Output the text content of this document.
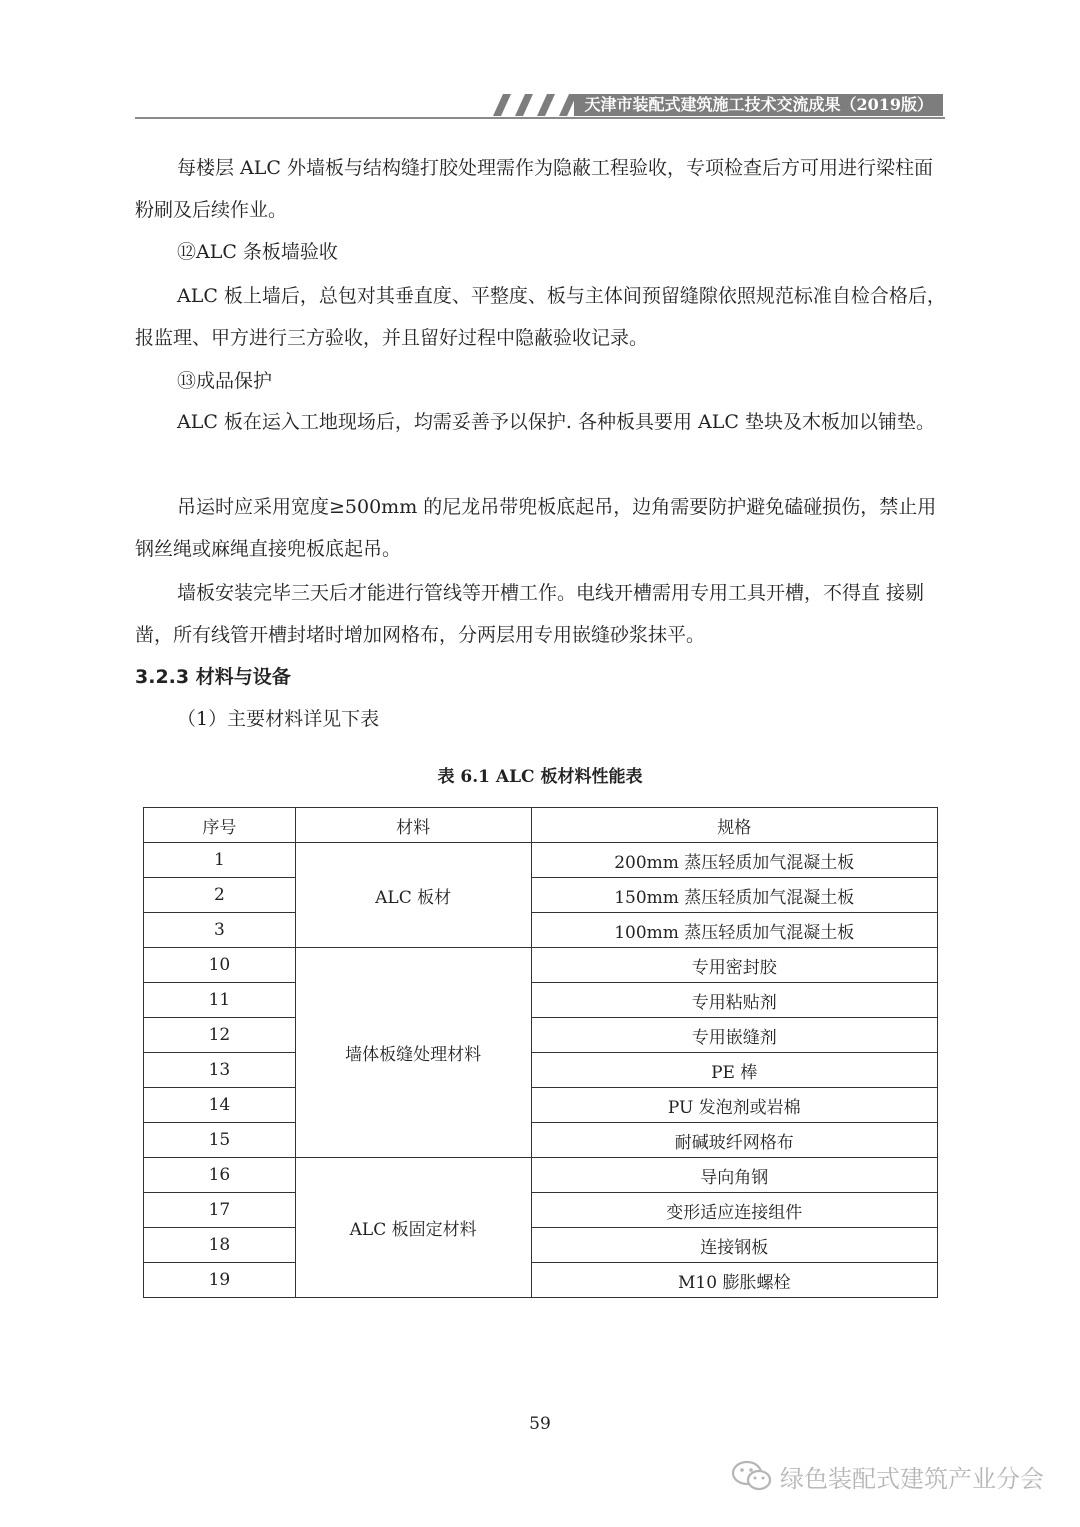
天津市装配式建筑施工技术交流成果（2019版）

每楼层 ALC 外墙板与结构缝打胶处理需作为隐蔽工程验收，专项检查后方可用进行梁柱面粉刷及后续作业。

⑫ALC 条板墙验收

ALC 板上墙后，总包对其垂直度、平整度、板与主体间预留缝隙依照规范标准自检合格后，报监理、甲方进行三方验收，并且留好过程中隐蔽验收记录。

⑬成品保护

ALC 板在运入工地现场后，均需妥善予以保护. 各种板具要用 ALC 垫块及木板加以铺垫。

吊运时应采用宽度≥500mm 的尼龙吊带兜板底起吊，边角需要防护避免磕碰损伤，禁止用钢丝绳或麻绳直接兜板底起吊。

墙板安装完毕三天后才能进行管线等开槽工作。电线开槽需用专用工具开槽，不得直 接剔凿，所有线管开槽封堵时增加网格布，分两层用专用嵌缝砂浆抹平。

3.2.3 材料与设备

（1）主要材料详见下表

表 6.1 ALC 板材料性能表
序号	材料	规格
1	ALC 板材	200mm 蒸压轻质加气混凝土板
2		150mm 蒸压轻质加气混凝土板
3		100mm 蒸压轻质加气混凝土板
10	墙体板缝处理材料	专用密封胶
11		专用粘贴剂
12		专用嵌缝剂
13		PE 棒
14		PU 发泡剂或岩棉
15		耐碱玻纤网格布
16	ALC 板固定材料	导向角钢
17		变形适应连接组件
18		连接钢板
19		M10 膨胀螺栓
59
绿色装配式建筑产业分会
